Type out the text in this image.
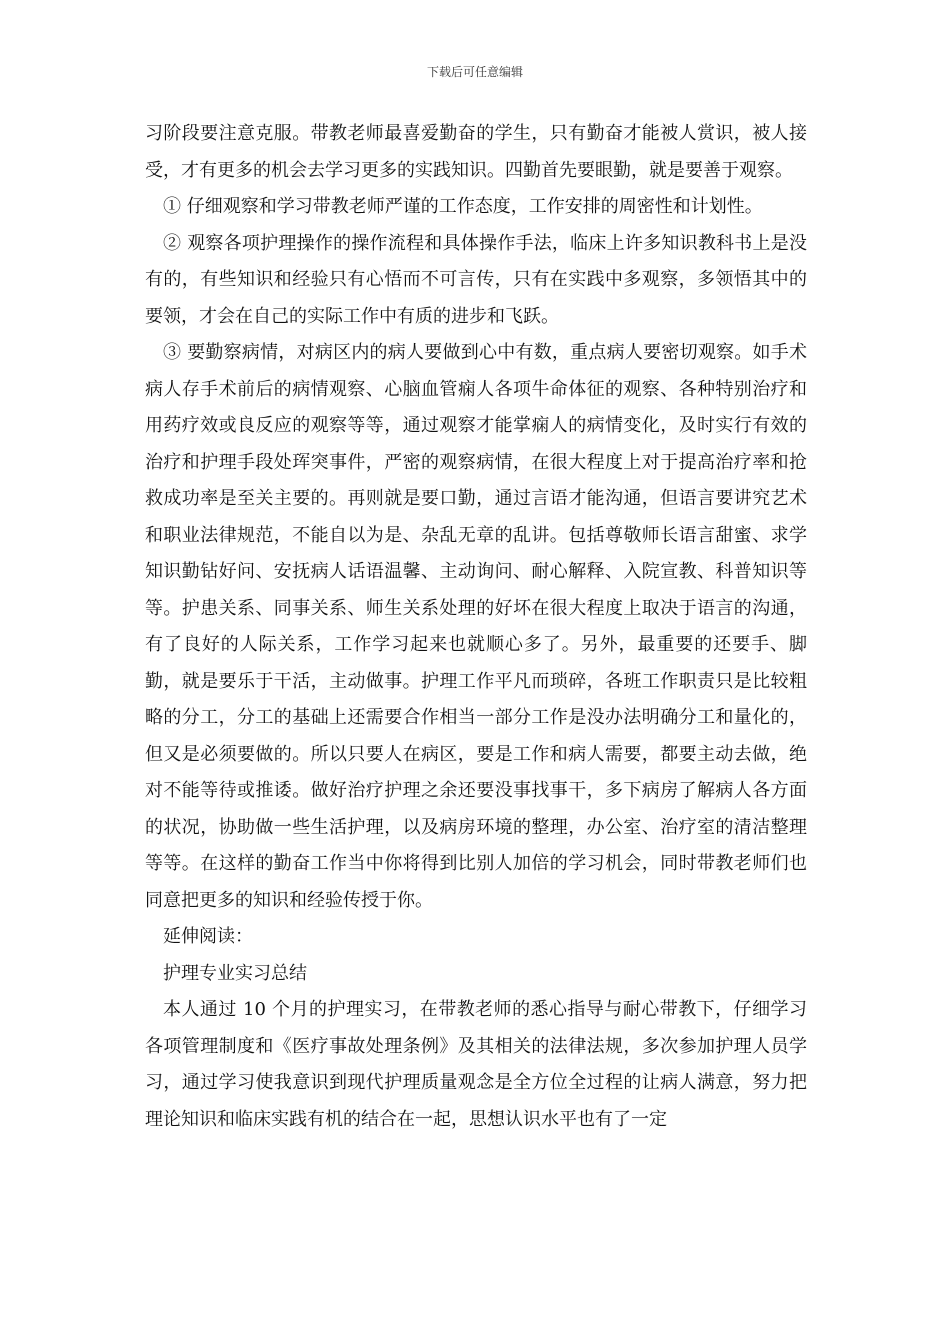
下载后可任意编辑

习阶段要注意克服。带教老师最喜爱勤奋的学生，只有勤奋才能被人赏识，被人接受，才有更多的机会去学习更多的实践知识。四勤首先要眼勤，就是要善于观察。

① 仔细观察和学习带教老师严谨的工作态度，工作安排的周密性和计划性。

② 观察各项护理操作的操作流程和具体操作手法，临床上许多知识教科书上是没有的，有些知识和经验只有心悟而不可言传，只有在实践中多观察，多领悟其中的要领，才会在自己的实际工作中有质的进步和飞跃。

③ 要勤察病情，对病区内的病人要做到心中有数，重点病人要密切观察。如手术病人存手术前后的病情观察、心脑血管痫人各项牛命体征的观察、各种特别治疗和用药疗效或良反应的观察等等，通过观察才能掌痫人的病情变化，及时实行有效的治疗和护理手段处珲突事件，严密的观察病情，在很大程度上对于提高治疗率和抢救成功率是至关主要的。再则就是要口勤，通过言语才能沟通，但语言要讲究艺术和职业法律规范，不能自以为是、杂乱无章的乱讲。包括尊敬师长语言甜蜜、求学知识勤钻好问、安抚病人话语温馨、主动询问、耐心解释、入院宣教、科普知识等等。护患关系、同事关系、师生关系处理的好坏在很大程度上取决于语言的沟通，有了良好的人际关系，工作学习起来也就顺心多了。另外，最重要的还要手、脚勤，就是要乐于干活，主动做事。护理工作平凡而琐碎，各班工作职责只是比较粗略的分工，分工的基础上还需要合作相当一部分工作是没办法明确分工和量化的，但又是必须要做的。所以只要人在病区，要是工作和病人需要，都要主动去做，绝对不能等待或推诿。做好治疗护理之余还要没事找事干，多下病房了解病人各方面的状况，协助做一些生活护理，以及病房环境的整理，办公室、治疗室的清洁整理等等。在这样的勤奋工作当中你将得到比别人加倍的学习机会，同时带教老师们也同意把更多的知识和经验传授于你。

延伸阅读：

护理专业实习总结

本人通过 10 个月的护理实习，在带教老师的悉心指导与耐心带教下，仔细学习各项管理制度和《医疗事故处理条例》及其相关的法律法规，多次参加护理人员学习，通过学习使我意识到现代护理质量观念是全方位全过程的让病人满意，努力把理论知识和临床实践有机的结合在一起，思想认识水平也有了一定
